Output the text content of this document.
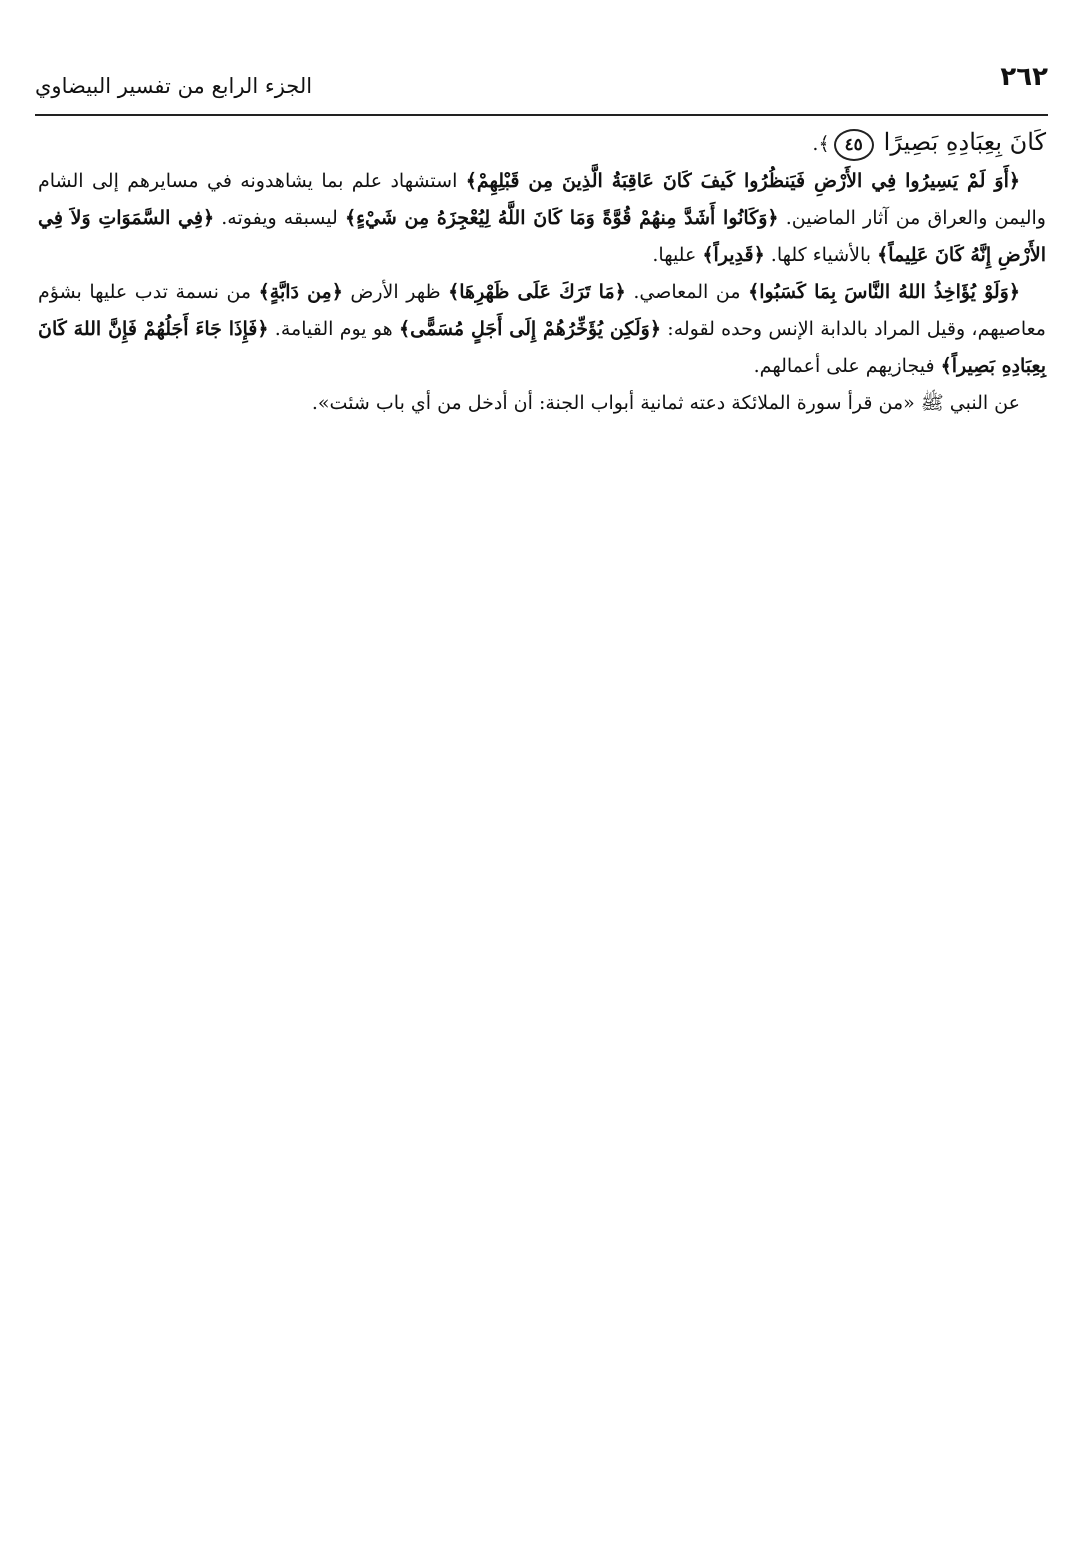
٢٦٢
الجزء الرابع من تفسير البيضاوي

كَانَ بِعِبَادِهِ بَصِيرًا ٤٥﴾.

﴿أَوَ لَمْ يَسِيرُوا فِي الأَرْضِ فَيَنظُرُوا كَيفَ كَانَ عَاقِبَةُ الَّذِينَ مِن قَبْلِهِمْ﴾ استشهاد علم بما يشاهدونه في مسايرهم إلى الشام واليمن والعراق من آثار الماضين. ﴿وَكَانُوا أَشَدَّ مِنهُمْ قُوَّةً وَمَا كَانَ اللَّهُ لِيُعْجِزَهُ مِن شَيْءٍ﴾ ليسبقه ويفوته. ﴿فِي السَّمَوَاتِ وَلاَ فِي الأَرْضِ إِنَّهُ كَانَ عَلِيماً﴾ بالأشياء كلها. ﴿قَدِيراً﴾ عليها.

﴿وَلَوْ يُؤَاخِذُ اللهُ النَّاسَ بِمَا كَسَبُوا﴾ من المعاصي. ﴿مَا تَرَكَ عَلَى ظَهْرِهَا﴾ ظهر الأرض ﴿مِن دَابَّةٍ﴾ من نسمة تدب عليها بشؤم معاصيهم، وقيل المراد بالدابة الإنس وحده لقوله: ﴿وَلَكِن يُؤَخِّرُهُمْ إِلَى أَجَلٍ مُسَمًّى﴾ هو يوم القيامة. ﴿فَإِذَا جَاءَ أَجَلُهُمْ فَإِنَّ اللهَ كَانَ بِعِبَادِهِ بَصِيراً﴾ فيجازيهم على أعمالهم.

عن النبي ﷺ «من قرأ سورة الملائكة دعته ثمانية أبواب الجنة: أن أدخل من أي باب شئت».
